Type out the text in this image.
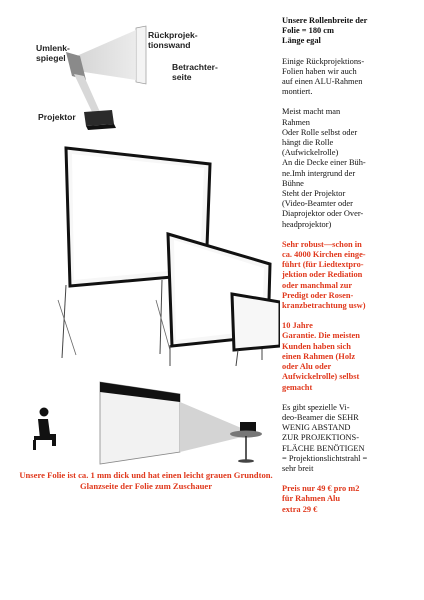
Umlenk-
spiegel
Rückprojek-
tionswand
Betrachter-
seite
Projektor
Unsere Folie ist ca. 1 mm dick und hat einen leicht grauen Grundton. Glanzseite der Folie zum Zuschauer

Unsere Rollenbreite der
Folie = 180 cm
Länge egal

Einige Rückprojektions-
Folien haben wir auch
auf einen ALU-Rahmen
montiert.

Meist macht man
Rahmen
Oder Rolle selbst oder
hängt die Rolle
(Aufwickelrolle)
An die Decke einer Büh-
ne.Imh intergrund der
Bühne
Steht der Projektor
(Video-Beamter oder
Diaprojektor oder Over-
headprojektor)

Sehr robust—schon in
ca. 4000 Kirchen einge-
führt (für Liedtextpro-
jektion oder Rediation
oder manchmal zur
Predigt oder Rosen-
kranzbetrachtung usw)

10 Jahre
Garantie. Die meisten
Kunden haben sich
einen Rahmen (Holz
oder Alu oder
Aufwickelrolle) selbst
gemacht

Es gibt spezielle Vi-
deo-Beamer die SEHR
WENIG ABSTAND
ZUR PROJEKTIONS-
FLÄCHE BENÖTIGEN
= Projektionslichtstrahl =
sehr breit

Preis nur 49 € pro m2
für Rahmen Alu
extra 29 €
